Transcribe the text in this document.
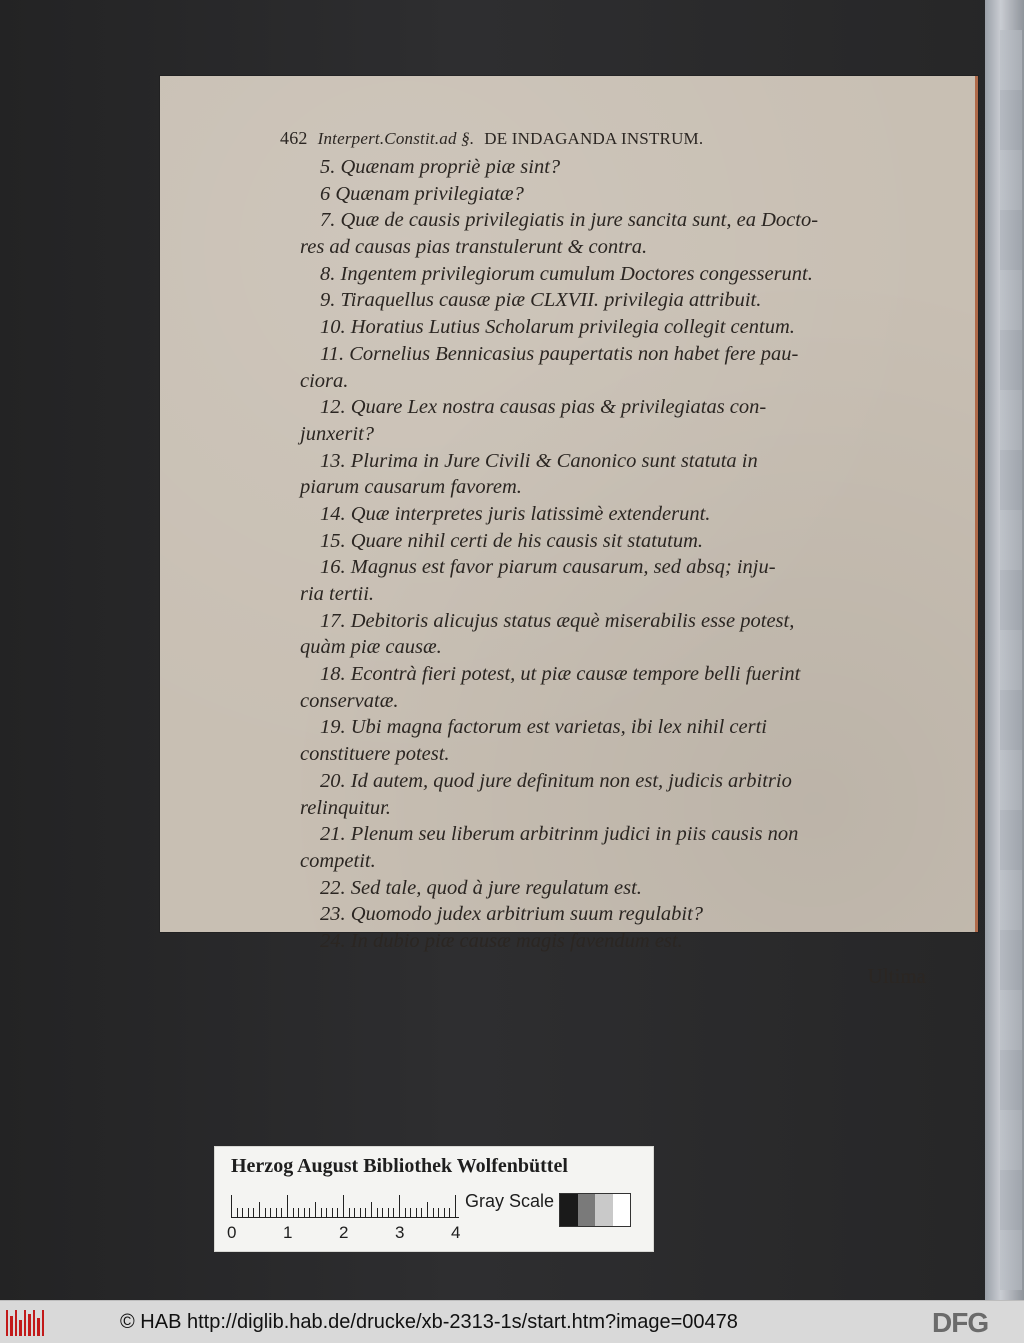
462 Interpert.Constit.ad §. DE INDAGANDA INSTRUM.
5. Quænam propriè piæ sint?
6 Quænam privilegiatæ?
7. Quæ de causis privilegiatis in jure sancita sunt, ea Docto-
res ad causas pias transtulerunt & contra.
8. Ingentem privilegiorum cumulum Doctores congesserunt.
9. Tiraquellus causæ piæ CLXVII. privilegia attribuit.
10. Horatius Lutius Scholarum privilegia collegit centum.
11. Cornelius Bennicasius paupertatis non habet fere pau-
ciora.
12. Quare Lex nostra causas pias & privilegiatas con-
junxerit?
13. Plurima in Jure Civili & Canonico sunt statuta in
piarum causarum favorem.
14. Quæ interpretes juris latissimè extenderunt.
15. Quare nihil certi de his causis sit statutum.
16. Magnus est favor piarum causarum, sed absq; inju-
ria tertii.
17. Debitoris alicujus status æquè miserabilis esse potest,
quàm piæ causæ.
18. Econtrà fieri potest, ut piæ causæ tempore belli fuerint
conservatæ.
19. Ubi magna factorum est varietas, ibi lex nihil certi
constituere potest.
20. Id autem, quod jure definitum non est, judicis arbitrio
relinquitur.
21. Plenum seu liberum arbitrinm judici in piis causis non
competit.
22. Sed tale, quod à jure regulatum est.
23. Quomodo judex arbitrium suum regulabit?
24. In dubio piæ causæ magis favendum est.
Ultima
Herzog August Bibliothek Wolfenbüttel
0	1	2	3	4
Gray Scale
© HAB http://diglib.hab.de/drucke/xb-2313-1s/start.htm?image=00478	DFG
